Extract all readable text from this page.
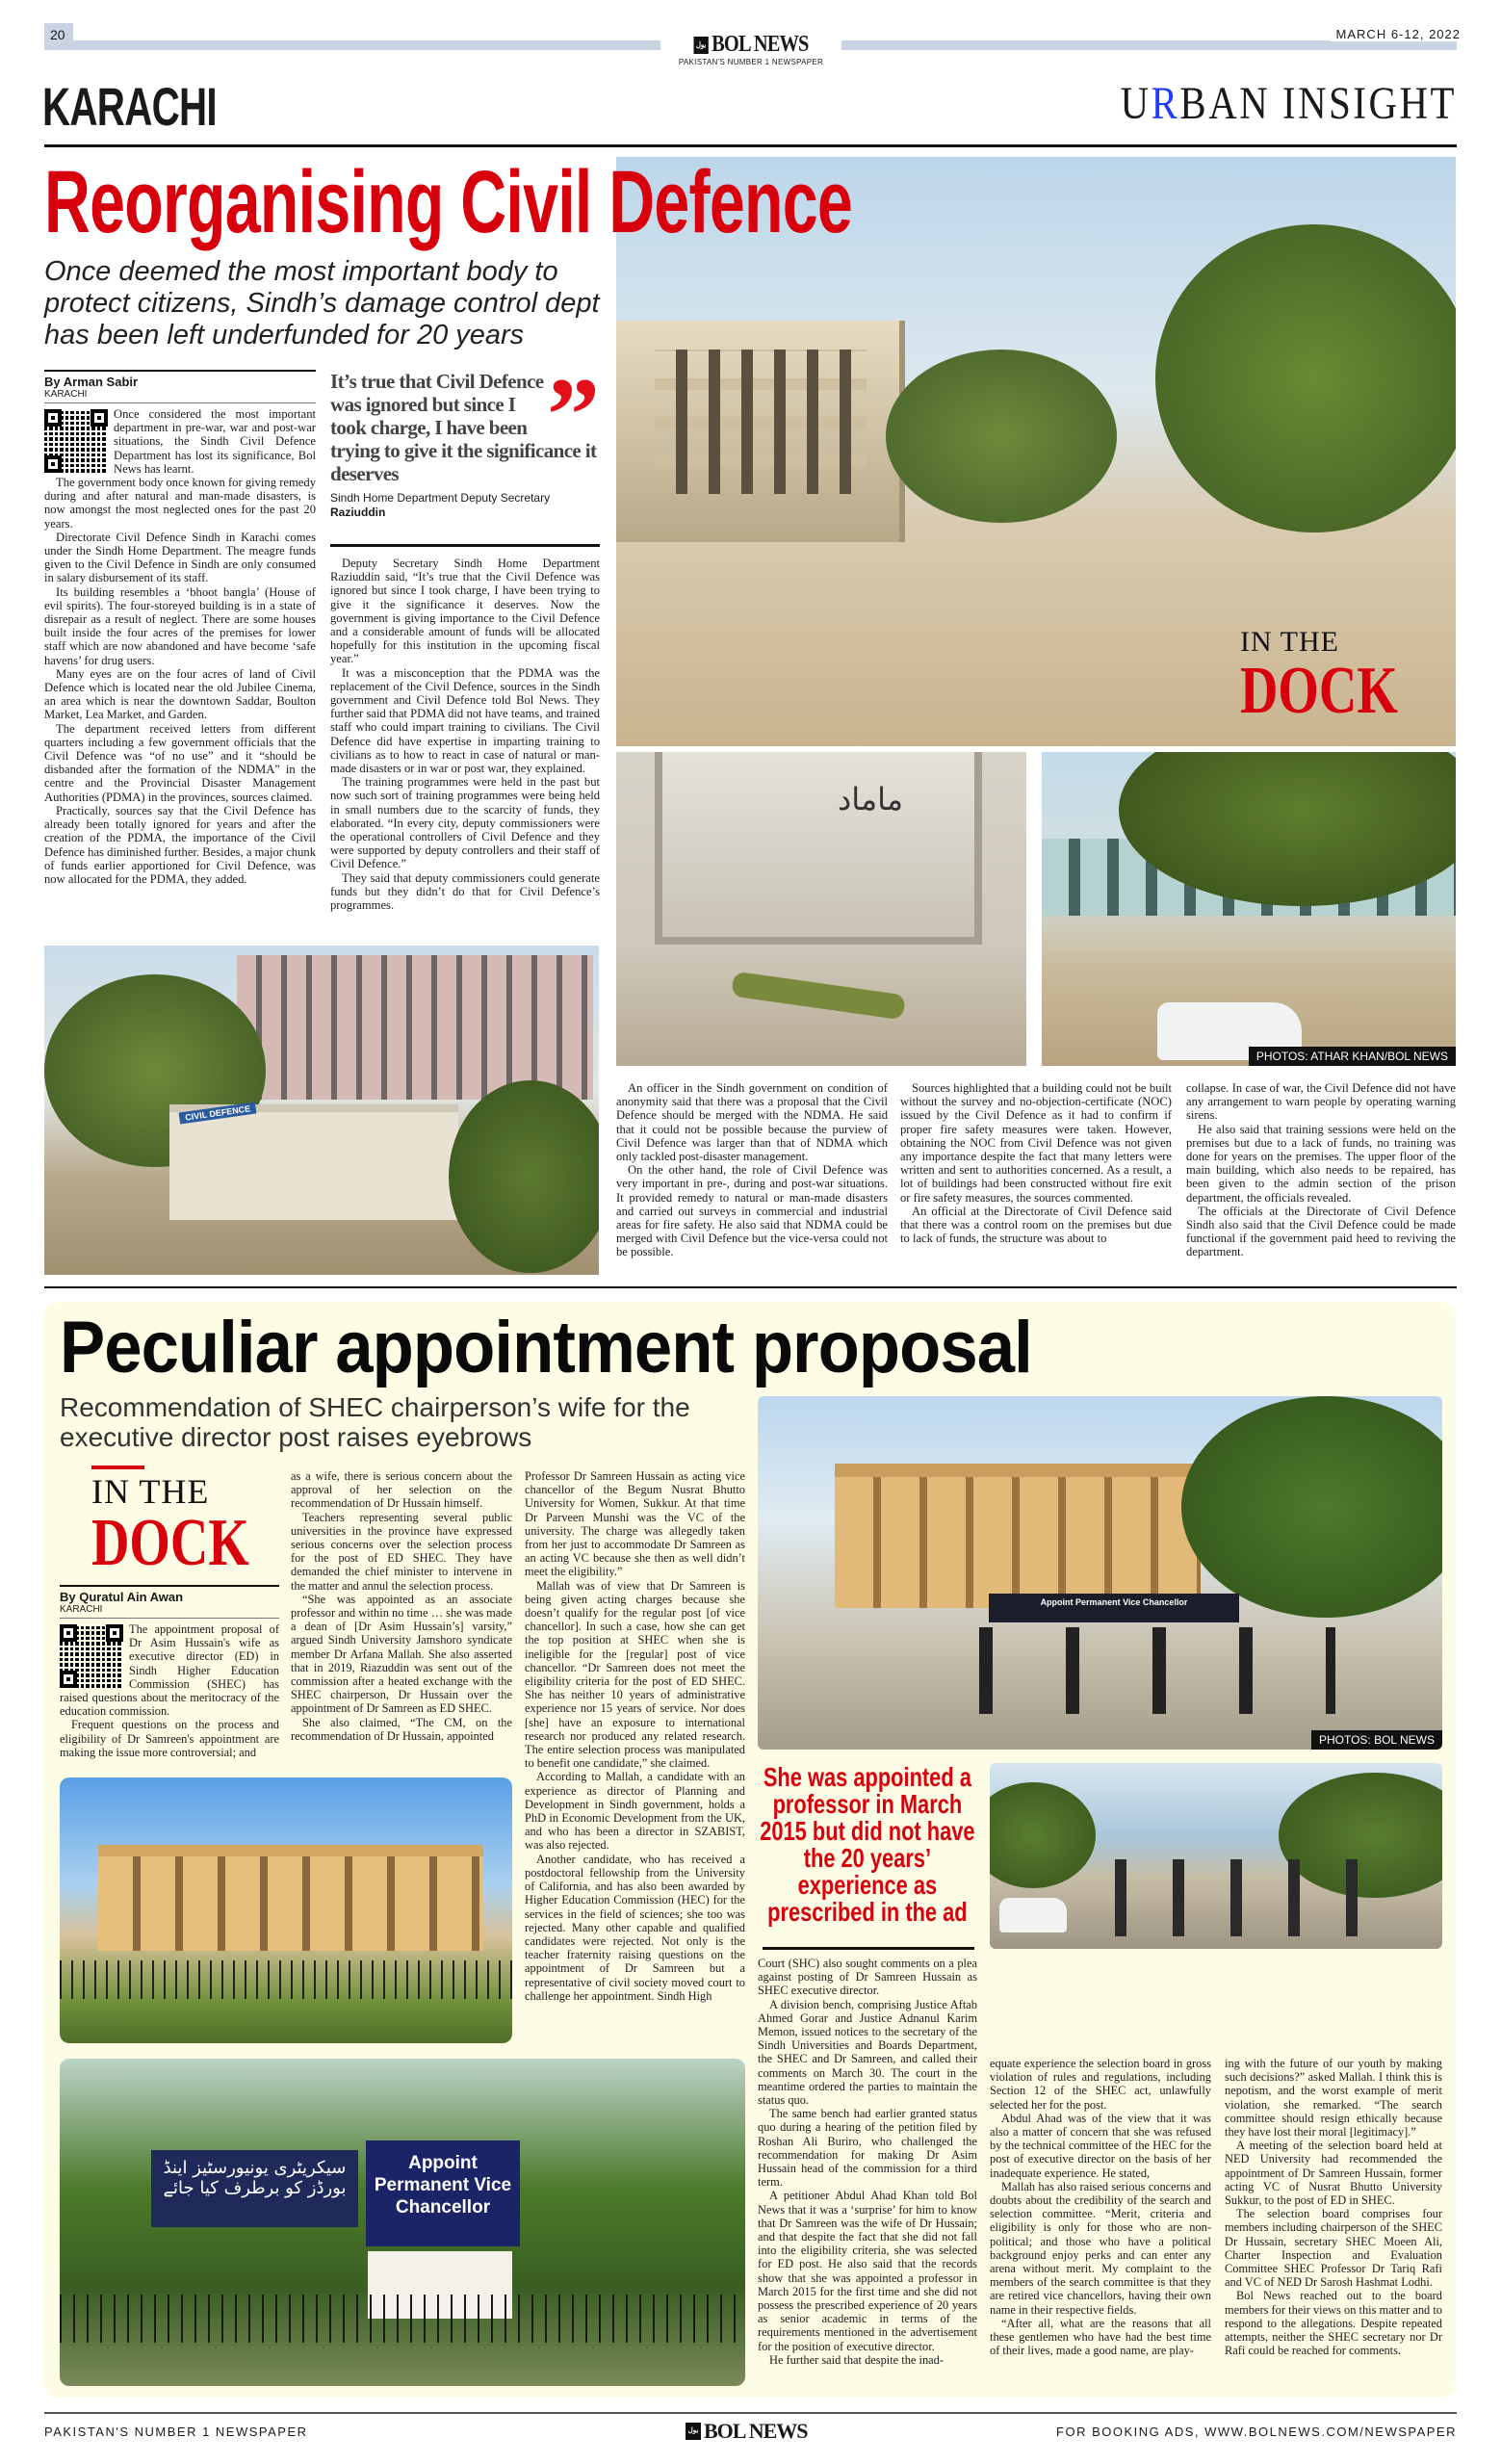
20
بول BOL NEWS
PAKISTAN'S NUMBER 1 NEWSPAPER
MARCH 6-12, 2022
KARACHI	URBAN INSIGHT
IN THE
DOCK
Reorganising Civil Defence
Once deemed the most important body to protect citizens, Sindh’s damage control dept has been left underfunded for 20 years
By Arman Sabir
KARACHI

Once considered the most important department in pre-war, war and post-war situations, the Sindh Civil Defence Department has lost its significance, Bol News has learnt.

The government body once known for giving remedy during and after natural and man-made disasters, is now amongst the most neglected ones for the past 20 years.

Directorate Civil Defence Sindh in Karachi comes under the Sindh Home Department. The meagre funds given to the Civil Defence in Sindh are only consumed in salary disbursement of its staff.

Its building resembles a ‘bhoot bangla’ (House of evil spirits). The four-storeyed building is in a state of disrepair as a result of neglect. There are some houses built inside the four acres of the premises for lower staff which are now abandoned and have become ‘safe havens’ for drug users.

Many eyes are on the four acres of land of Civil Defence which is located near the old Jubilee Cinema, an area which is near the downtown Saddar, Boulton Market, Lea Market, and Garden.

The department received letters from different quarters including a few government officials that the Civil Defence was “of no use” and it “should be disbanded after the formation of the NDMA” in the centre and the Provincial Disaster Management Authorities (PDMA) in the provinces, sources claimed.

Practically, sources say that the Civil Defence has already been totally ignored for years and after the creation of the PDMA, the importance of the Civil Defence has diminished further. Besides, a major chunk of funds earlier apportioned for Civil Defence, was now allocated for the PDMA, they added.

”
It’s true that Civil Defence was ignored but since I took charge, I have been trying to give it the significance it deserves
Sindh Home Department Deputy Secretary
Raziuddin

Deputy Secretary Sindh Home Department Raziuddin said, “It’s true that the Civil Defence was ignored but since I took charge, I have been trying to give it the significance it deserves. Now the government is giving importance to the Civil Defence and a considerable amount of funds will be allocated hopefully for this institution in the upcoming fiscal year.”

It was a misconception that the PDMA was the replacement of the Civil Defence, sources in the Sindh government and Civil Defence told Bol News. They further said that PDMA did not have teams, and trained staff who could impart training to civilians. The Civil Defence did have expertise in imparting training to civilians as to how to react in case of natural or man-made disasters or in war or post war, they explained.

The training programmes were held in the past but now such sort of training programmes were being held in small numbers due to the scarcity of funds, they elaborated. “In every city, deputy commissioners were the operational controllers of Civil Defence and they were supported by deputy controllers and their staff of Civil Defence.”

They said that deputy commissioners could generate funds but they didn’t do that for Civil Defence’s programmes.

CIVIL DEFENCE
ماماد
PHOTOS: ATHAR KHAN/BOL NEWS

An officer in the Sindh government on condition of anonymity said that there was a proposal that the Civil Defence should be merged with the NDMA. He said that it could not be possible because the purview of Civil Defence was larger than that of NDMA which only tackled post-disaster management.

On the other hand, the role of Civil Defence was very important in pre-, during and post-war situations. It provided remedy to natural or man-made disasters and carried out surveys in commercial and industrial areas for fire safety. He also said that NDMA could be merged with Civil Defence but the vice-versa could not be possible.

Sources highlighted that a building could not be built without the survey and no-objection-certificate (NOC) issued by the Civil Defence as it had to confirm if proper fire safety measures were taken. However, obtaining the NOC from Civil Defence was not given any importance despite the fact that many letters were written and sent to authorities concerned. As a result, a lot of buildings had been constructed without fire exit or fire safety measures, the sources commented.

An official at the Directorate of Civil Defence said that there was a control room on the premises but due to lack of funds, the structure was about to

collapse. In case of war, the Civil Defence did not have any arrangement to warn people by operating warning sirens.

He also said that training sessions were held on the premises but due to a lack of funds, no training was done for years on the premises. The upper floor of the main building, which also needs to be repaired, has been given to the admin section of the prison department, the officials revealed.

The officials at the Directorate of Civil Defence Sindh also said that the Civil Defence could be made functional if the government paid heed to reviving the department.

Peculiar appointment proposal
Recommendation of SHEC chairperson’s wife for the executive director post raises eyebrows
Appoint Permanent Vice Chancellor
PHOTOS: BOL NEWS
IN THE
DOCK
By Quratul Ain Awan
KARACHI

The appointment proposal of Dr Asim Hussain's wife as executive director (ED) in Sindh Higher Education Commission (SHEC) has raised questions about the meritocracy of the education commission.

Frequent questions on the process and eligibility of Dr Samreen's appointment are making the issue more controversial; and

as a wife, there is serious concern about the approval of her selection on the recommendation of Dr Hussain himself.

Teachers representing several public universities in the province have expressed serious concerns over the selection process for the post of ED SHEC. They have demanded the chief minister to intervene in the matter and annul the selection process.

“She was appointed as an associate professor and within no time … she was made a dean of [Dr Asim Hussain’s] varsity,” argued Sindh University Jamshoro syndicate member Dr Arfana Mallah. She also asserted that in 2019, Riazuddin was sent out of the commission after a heated exchange with the SHEC chairperson, Dr Hussain over the appointment of Dr Samreen as ED SHEC.

She also claimed, “The CM, on the recommendation of Dr Hussain, appointed

Professor Dr Samreen Hussain as acting vice chancellor of the Begum Nusrat Bhutto University for Women, Sukkur. At that time Dr Parveen Munshi was the VC of the university. The charge was allegedly taken from her just to accommodate Dr Samreen as an acting VC because she then as well didn’t meet the eligibility.”

Mallah was of view that Dr Samreen is being given acting charges because she doesn’t qualify for the regular post [of vice chancellor]. In such a case, how she can get the top position at SHEC when she is ineligible for the [regular] post of vice chancellor. “Dr Samreen does not meet the eligibility criteria for the post of ED SHEC. She has neither 10 years of administrative experience nor 15 years of service. Nor does [she] have an exposure to international research nor produced any related research. The entire selection process was manipulated to benefit one candidate,” she claimed.

According to Mallah, a candidate with an experience as director of Planning and Development in Sindh government, holds a PhD in Economic Development from the UK, and who has been a director in SZABIST, was also rejected.

Another candidate, who has received a postdoctoral fellowship from the University of California, and has also been awarded by Higher Education Commission (HEC) for the services in the field of sciences; she too was rejected. Many other capable and qualified candidates were rejected. Not only is the teacher fraternity raising questions on the appointment of Dr Samreen but a representative of civil society moved court to challenge her appointment. Sindh High

سیکریٹری یونیورسٹیز اینڈ بورڈز کو برطرف کیا جائے
Appoint Permanent Vice Chancellor
She was appointed a professor in March 2015 but did not have the 20 years’ experience as prescribed in the ad

Court (SHC) also sought comments on a plea against posting of Dr Samreen Hussain as SHEC executive director.

A division bench, comprising Justice Aftab Ahmed Gorar and Justice Adnanul Karim Memon, issued notices to the secretary of the Sindh Universities and Boards Department, the SHEC and Dr Samreen, and called their comments on March 30. The court in the meantime ordered the parties to maintain the status quo.

The same bench had earlier granted status quo during a hearing of the petition filed by Roshan Ali Buriro, who challenged the recommendation for making Dr Asim Hussain head of the commission for a third term.

A petitioner Abdul Ahad Khan told Bol News that it was a ‘surprise’ for him to know that Dr Samreen was the wife of Dr Hussain; and that despite the fact that she did not fall into the eligibility criteria, she was selected for ED post. He also said that the records show that she was appointed a professor in March 2015 for the first time and she did not possess the prescribed experience of 20 years as senior academic in terms of the requirements mentioned in the advertisement for the position of executive director.

He further said that despite the inad-

equate experience the selection board in gross violation of rules and regulations, including Section 12 of the SHEC act, unlawfully selected her for the post.

Abdul Ahad was of the view that it was also a matter of concern that she was refused by the technical committee of the HEC for the post of executive director on the basis of her inadequate experience. He stated,

Mallah has also raised serious concerns and doubts about the credibility of the search and selection committee. “Merit, criteria and eligibility is only for those who are non-political; and those who have a political background enjoy perks and can enter any arena without merit. My complaint to the members of the search committee is that they are retired vice chancellors, having their own name in their respective fields.

“After all, what are the reasons that all these gentlemen who have had the best time of their lives, made a good name, are play-

ing with the future of our youth by making such decisions?” asked Mallah. I think this is nepotism, and the worst example of merit violation, she remarked. “The search committee should resign ethically because they have lost their moral [legitimacy].”

A meeting of the selection board held at NED University had recommended the appointment of Dr Samreen Hussain, former acting VC of Nusrat Bhutto University Sukkur, to the post of ED in SHEC.

The selection board comprises four members including chairperson of the SHEC Dr Hussain, secretary SHEC Moeen Ali, Charter Inspection and Evaluation Committee SHEC Professor Dr Tariq Rafi and VC of NED Dr Sarosh Hashmat Lodhi.

Bol News reached out to the board members for their views on this matter and to respond to the allegations. Despite repeated attempts, neither the SHEC secretary nor Dr Rafi could be reached for comments.

PAKISTAN'S NUMBER 1 NEWSPAPER	بول BOL NEWS	FOR BOOKING ADS, WWW.BOLNEWS.COM/NEWSPAPER
